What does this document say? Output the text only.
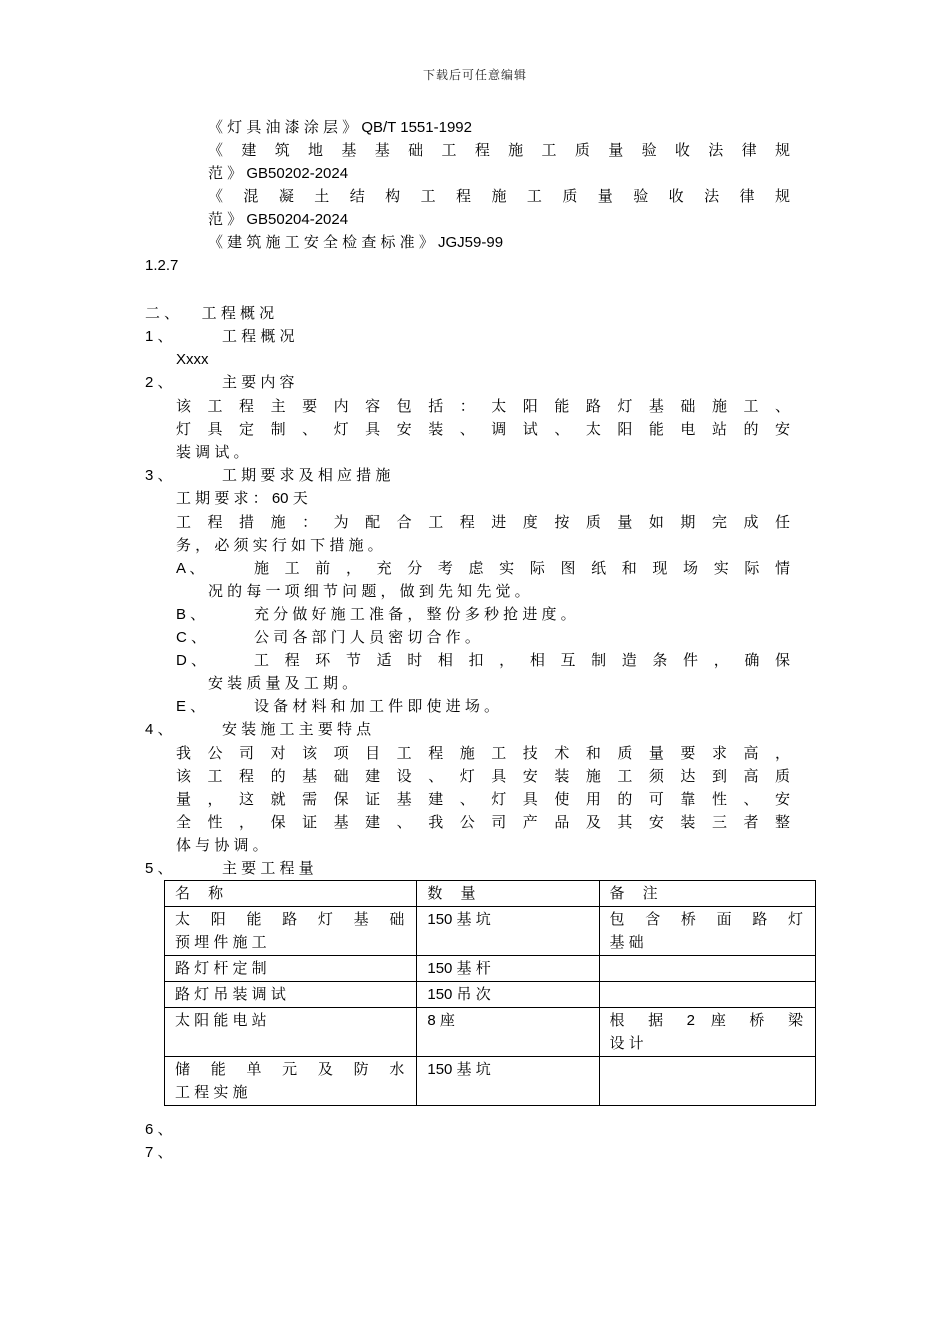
下载后可任意编辑
《 灯 具 油 漆 涂 层 》 QB/T 1551-1992
《 建 筑 地 基 基 础 工 程 施 工 质 量 验 收 法 律 规
范 》 GB50202-2024
《 混 凝 土 结 构 工 程 施 工 质 量 验 收 法 律 规
范 》 GB50204-2024
《 建 筑 施 工 安 全 检 查 标 准 》 JGJ59-99
1.2.7
二 、　　工 程 概 况
1 、	工 程 概 况
Xxxx
2 、	主 要 内 容
该 工 程 主 要 内 容 包 括 ： 太 阳 能 路 灯 基 础 施 工 、
灯 具 定 制 、 灯 具 安 装 、 调 试 、 太 阳 能 电 站 的 安
装 调 试 。
3 、	工 期 要 求 及 相 应 措 施
工 期 要 求 ： 60 天
工 程 措 施 ： 为 配 合 工 程 进 度 按 质 量 如 期 完 成 任
务 ， 必 须 实 行 如 下 措 施 。
A 、	施 工 前 ， 充 分 考 虑 实 际 图 纸 和 现 场 实 际 情
况 的 每 一 项 细 节 问 题 ， 做 到 先 知 先 觉 。
B 、	充 分 做 好 施 工 准 备 ， 整 份 多 秒 抢 进 度 。
C 、	公 司 各 部 门 人 员 密 切 合 作 。
D 、	工 程 环 节 适 时 相 扣 ， 相 互 制 造 条 件 ， 确 保
安 装 质 量 及 工 期 。
E 、	设 备 材 料 和 加 工 件 即 使 进 场 。
4 、	安 装 施 工 主 要 特 点
我 公 司 对 该 项 目 工 程 施 工 技 术 和 质 量 要 求 高 ，
该 工 程 的 基 础 建 设 、 灯 具 安 装 施 工 须 达 到 高 质
量 ， 这 就 需 保 证 基 建 、 灯 具 使 用 的 可 靠 性 、 安
全 性 ， 保 证 基 建 、 我 公 司 产 品 及 其 安 装 三 者 整
体 与 协 调 。
5 、	主 要 工 程 量
名 称	数 量	备 注

太 阳 能 路 灯 基 础
预 埋 件 施 工	150 基 坑	包 含 桥 面 路 灯
基 础

路 灯 杆 定 制	150 基 杆	

路 灯 吊 装 调 试	150 吊 次	

太 阳 能 电 站	8 座	根 据 2 座 桥 梁
设 计

储 能 单 元 及 防 水
工 程 实 施	150 基 坑	

6 、
7 、
